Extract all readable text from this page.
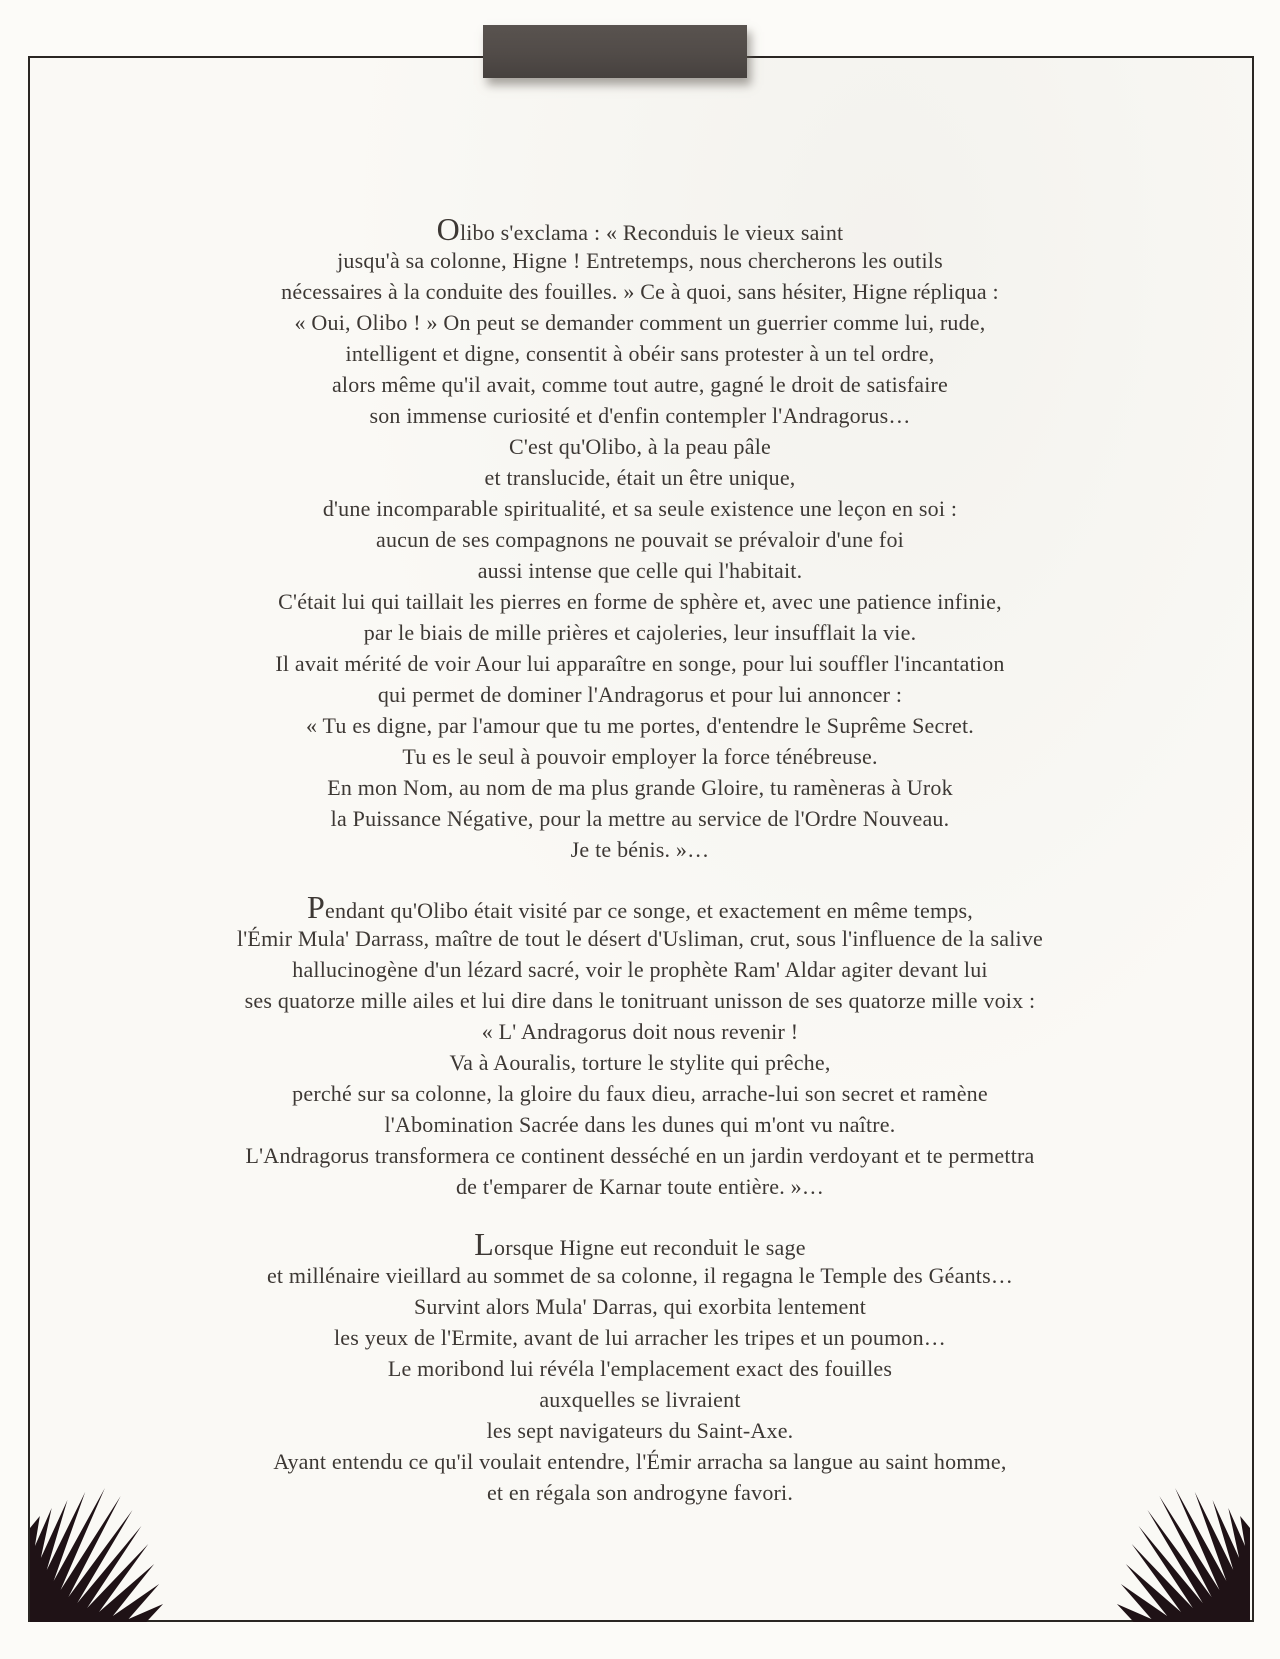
Olibo s'exclama : « Reconduis le vieux saint
jusqu'à sa colonne, Higne ! Entretemps, nous chercherons les outils
nécessaires à la conduite des fouilles. » Ce à quoi, sans hésiter, Higne répliqua :
« Oui, Olibo ! » On peut se demander comment un guerrier comme lui, rude,
intelligent et digne, consentit à obéir sans protester à un tel ordre,
alors même qu'il avait, comme tout autre, gagné le droit de satisfaire
son immense curiosité et d'enfin contempler l'Andragorus…
C'est qu'Olibo, à la peau pâle
et translucide, était un être unique,
d'une incomparable spiritualité, et sa seule existence une leçon en soi :
aucun de ses compagnons ne pouvait se prévaloir d'une foi
aussi intense que celle qui l'habitait.
C'était lui qui taillait les pierres en forme de sphère et, avec une patience infinie,
par le biais de mille prières et cajoleries, leur insufflait la vie.
Il avait mérité de voir Aour lui apparaître en songe, pour lui souffler l'incantation
qui permet de dominer l'Andragorus et pour lui annoncer :
« Tu es digne, par l'amour que tu me portes, d'entendre le Suprême Secret.
Tu es le seul à pouvoir employer la force ténébreuse.
En mon Nom, au nom de ma plus grande Gloire, tu ramèneras à Urok
la Puissance Négative, pour la mettre au service de l'Ordre Nouveau.
Je te bénis. »…
Pendant qu'Olibo était visité par ce songe, et exactement en même temps,
l'Émir Mula' Darrass, maître de tout le désert d'Usliman, crut, sous l'influence de la salive
hallucinogène d'un lézard sacré, voir le prophète Ram' Aldar agiter devant lui
ses quatorze mille ailes et lui dire dans le tonitruant unisson de ses quatorze mille voix :
« L' Andragorus doit nous revenir !
Va à Aouralis, torture le stylite qui prêche,
perché sur sa colonne, la gloire du faux dieu, arrache-lui son secret et ramène
l'Abomination Sacrée dans les dunes qui m'ont vu naître.
L'Andragorus transformera ce continent desséché en un jardin verdoyant et te permettra
de t'emparer de Karnar toute entière. »…
Lorsque Higne eut reconduit le sage
et millénaire vieillard au sommet de sa colonne, il regagna le Temple des Géants…
Survint alors Mula' Darras, qui exorbita lentement
les yeux de l'Ermite, avant de lui arracher les tripes et un poumon…
Le moribond lui révéla l'emplacement exact des fouilles
auxquelles se livraient
les sept navigateurs du Saint-Axe.
Ayant entendu ce qu'il voulait entendre, l'Émir arracha sa langue au saint homme,
et en régala son androgyne favori.
